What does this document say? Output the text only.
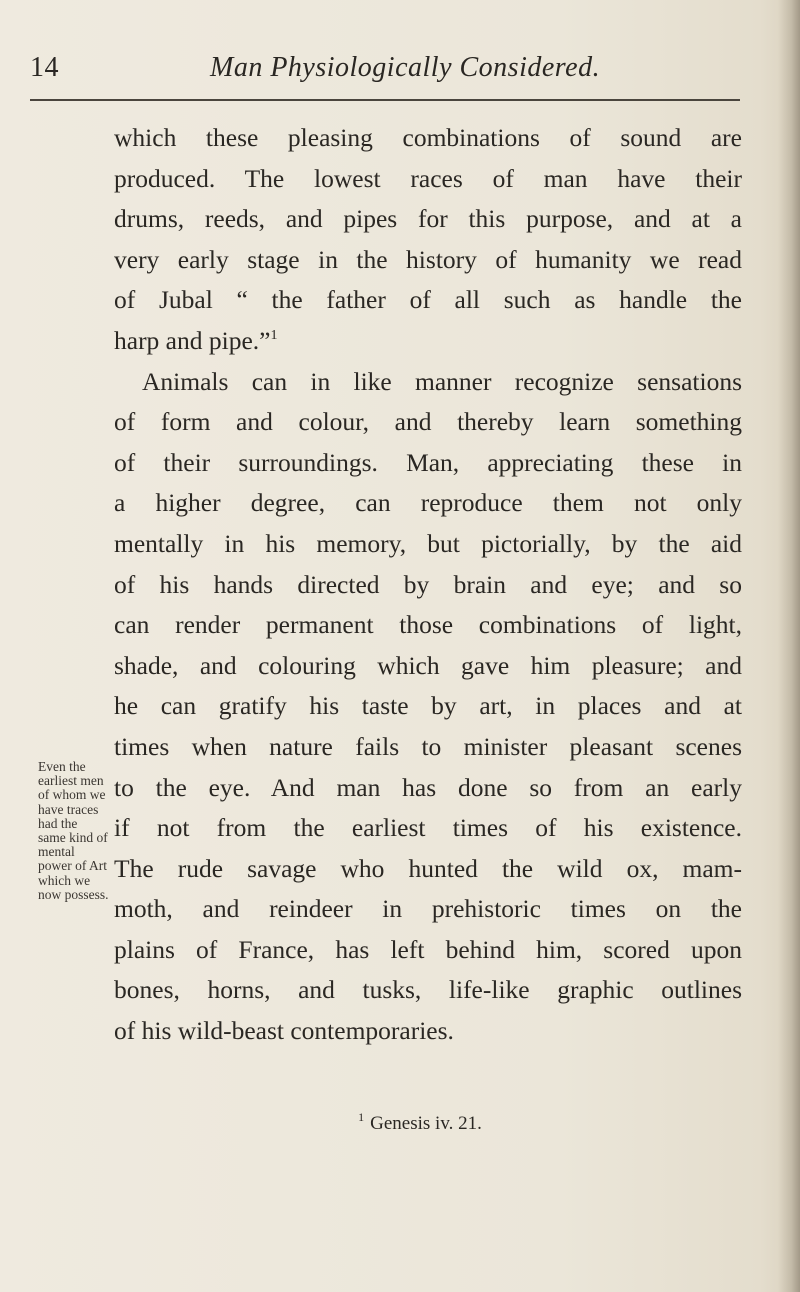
14	Man Physiologically Considered.
which these pleasing combinations of sound are
produced. The lowest races of man have their
drums, reeds, and pipes for this purpose, and at a
very early stage in the history of humanity we read
of Jubal “ the father of all such as handle the
harp and pipe.”$^1$
Animals can in like manner recognize sensations
of form and colour, and thereby learn something
of their surroundings. Man, appreciating these in
a higher degree, can reproduce them not only
mentally in his memory, but pictorially, by the aid
of his hands directed by brain and eye; and so
can render permanent those combinations of light,
shade, and colouring which gave him pleasure; and
he can gratify his taste by art, in places and at
times when nature fails to minister pleasant scenes
to the eye. And man has done so from an early
if not from the earliest times of his existence.
The rude savage who hunted the wild ox, mam-
moth, and reindeer in prehistoric times on the
plains of France, has left behind him, scored upon
bones, horns, and tusks, life-like graphic outlines
of his wild-beast contemporaries.
Even the
earliest men
of whom we
have traces
had the
same kind of
mental
power of Art
which we
now possess.
$^1$ Genesis iv. 21.
